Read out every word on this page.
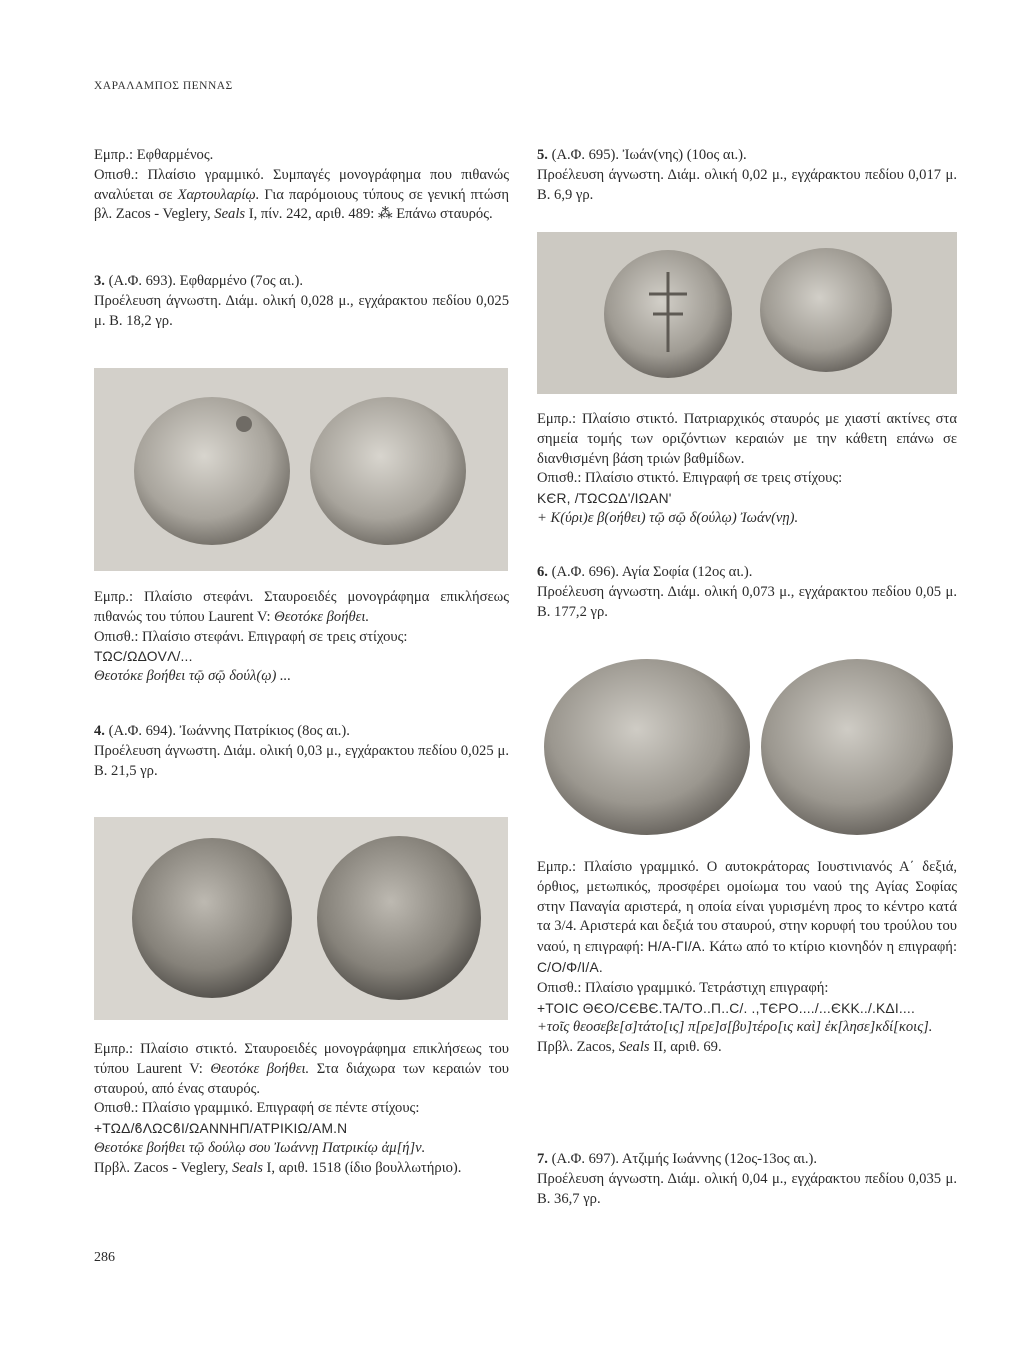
ΧΑΡΑΛΑΜΠΟΣ ΠΕΝΝΑΣ

Εμπρ.: Εφθαρμένος.

Οπισθ.: Πλαίσιο γραμμικό. Συμπαγές μονογράφημα που πιθανώς αναλύεται σε Χαρτουλαρίῳ. Για παρόμοιους τύπους σε γενική πτώση βλ. Zacos - Veglery, Seals I, πίν. 242, αριθ. 489: ⁂ Επάνω σταυρός.

3. (Α.Φ. 693). Εφθαρμένο (7ος αι.).

Προέλευση άγνωστη. Διάμ. ολική 0,028 μ., εγχάρακτου πεδίου 0,025 μ. Β. 18,2 γρ.

Εμπρ.: Πλαίσιο στεφάνι. Σταυροειδές μονογράφημα επικλήσεως πιθανώς του τύπου Laurent V: Θεοτόκε βοήθει.

Οπισθ.: Πλαίσιο στεφάνι. Επιγραφή σε τρεις στίχους:

ΤΩC/ΩΔΟVΛ/...

Θεοτόκε βοήθει τῷ σῷ δούλ(ῳ) ...

4. (Α.Φ. 694). Ἰωάννης Πατρίκιος (8ος αι.).

Προέλευση άγνωστη. Διάμ. ολική 0,03 μ., εγχάρακτου πεδίου 0,025 μ. Β. 21,5 γρ.

Εμπρ.: Πλαίσιο στικτό. Σταυροειδές μονογράφημα επικλήσεως του τύπου Laurent V: Θεοτόκε βοήθει. Στα διάχωρα των κεραιών του σταυρού, από ένας σταυρός.

Οπισθ.: Πλαίσιο γραμμικό. Επιγραφή σε πέντε στίχους:

+ΤΩΔ/ϐΛΩCϐΙ/ΩΑΝΝΗΠ/ΑΤΡΙΚΙΩ/ΑΜ.Ν

Θεοτόκε βοήθει τῷ δούλῳ σου Ἰωάννῃ Πατρικίῳ ἀμ[ή]ν.

Πρβλ. Zacos - Veglery, Seals I, αριθ. 1518 (ίδιο βουλλωτήριο).

286

5. (Α.Φ. 695). Ἰωάν(νης) (10ος αι.).

Προέλευση άγνωστη. Διάμ. ολική 0,02 μ., εγχάρακτου πεδίου 0,017 μ. Β. 6,9 γρ.

Εμπρ.: Πλαίσιο στικτό. Πατριαρχικός σταυρός με χιαστί ακτίνες στα σημεία τομής των οριζόντιων κεραιών με την κάθετη επάνω σε διανθισμένη βάση τριών βαθμίδων.

Οπισθ.: Πλαίσιο στικτό. Επιγραφή σε τρεις στίχους:

ΚЄR, /ΤΩCΩΔ'/ΙΩΑΝ'

+ Κ(ύρι)ε β(οήθει) τῷ σῷ δ(ούλῳ) Ἰωάν(νῃ).

6. (Α.Φ. 696). Αγία Σοφία (12ος αι.).

Προέλευση άγνωστη. Διάμ. ολική 0,073 μ., εγχάρακτου πεδίου 0,05 μ. Β. 177,2 γρ.

Εμπρ.: Πλαίσιο γραμμικό. Ο αυτοκράτορας Ιουστινιανός Α΄ δεξιά, όρθιος, μετωπικός, προσφέρει ομοίωμα του ναού της Αγίας Σοφίας στην Παναγία αριστερά, η οποία είναι γυρισμένη προς το κέντρο κατά τα 3/4. Αριστερά και δεξιά του σταυρού, στην κορυφή του τρούλου του ναού, η επιγραφή: Η/Α-ΓΙ/Α. Κάτω από το κτίριο κιονηδόν η επιγραφή: C/Ο/Φ/Ι/Α.

Οπισθ.: Πλαίσιο γραμμικό. Τετράστιχη επιγραφή:

+ΤΟΙC ΘЄΟ/CЄΒЄ.ΤΑ/ΤΟ..Π..C/. .,ΤЄΡΟ..../...ЄΚΚ../.ΚΔΙ....

+τοῖς θεοσεβε[σ]τάτο[ις] π[ρε]σ[βυ]τέρο[ις καὶ] ἐκ[λησε]κδί[κοις].

Πρβλ. Zacos, Seals II, αριθ. 69.

7. (Α.Φ. 697). Ατζιμής Ιωάννης (12ος-13ος αι.).

Προέλευση άγνωστη. Διάμ. ολική 0,04 μ., εγχάρακτου πεδίου 0,035 μ. Β. 36,7 γρ.
